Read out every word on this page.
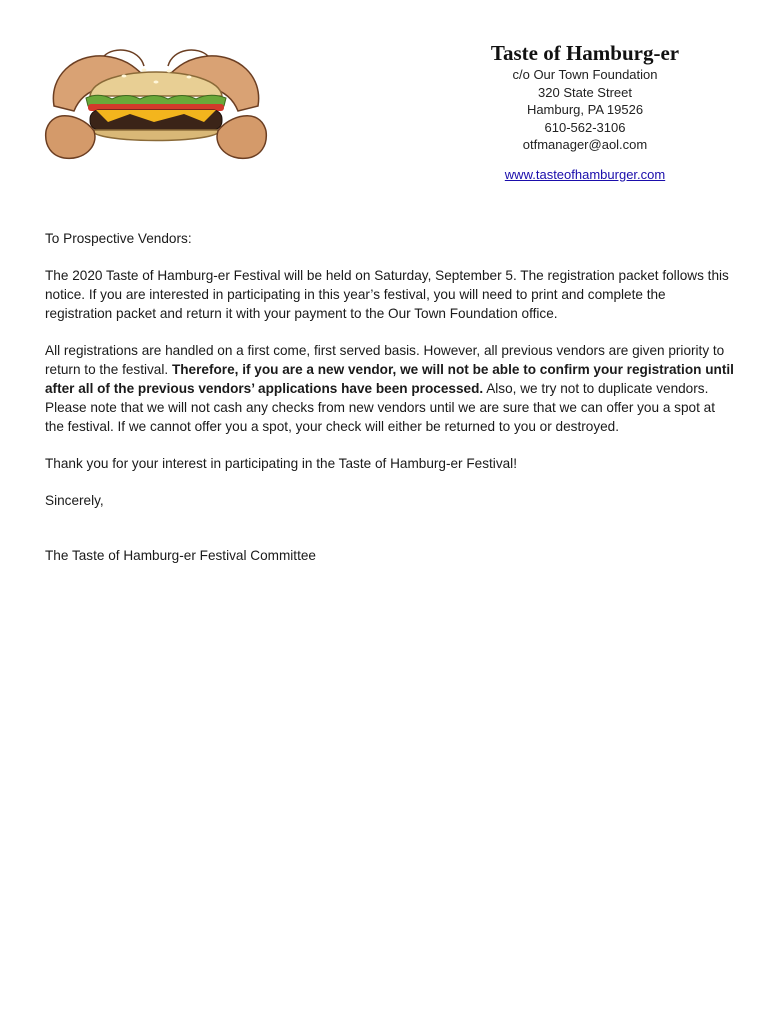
Taste of Hamburg-er
c/o Our Town Foundation
320 State Street
Hamburg, PA 19526
610-562-3106
otfmanager@aol.com
www.tasteofhamburger.com

To Prospective Vendors:

The 2020 Taste of Hamburg-er Festival will be held on Saturday, September 5. The registration packet follows this notice. If you are interested in participating in this year’s festival, you will need to print and complete the registration packet and return it with your payment to the Our Town Foundation office.

All registrations are handled on a first come, first served basis. However, all previous vendors are given priority to return to the festival. Therefore, if you are a new vendor, we will not be able to confirm your registration until after all of the previous vendors’ applications have been processed. Also, we try not to duplicate vendors. Please note that we will not cash any checks from new vendors until we are sure that we can offer you a spot at the festival. If we cannot offer you a spot, your check will either be returned to you or destroyed.

Thank you for your interest in participating in the Taste of Hamburg-er Festival!

Sincerely,

The Taste of Hamburg-er Festival Committee
